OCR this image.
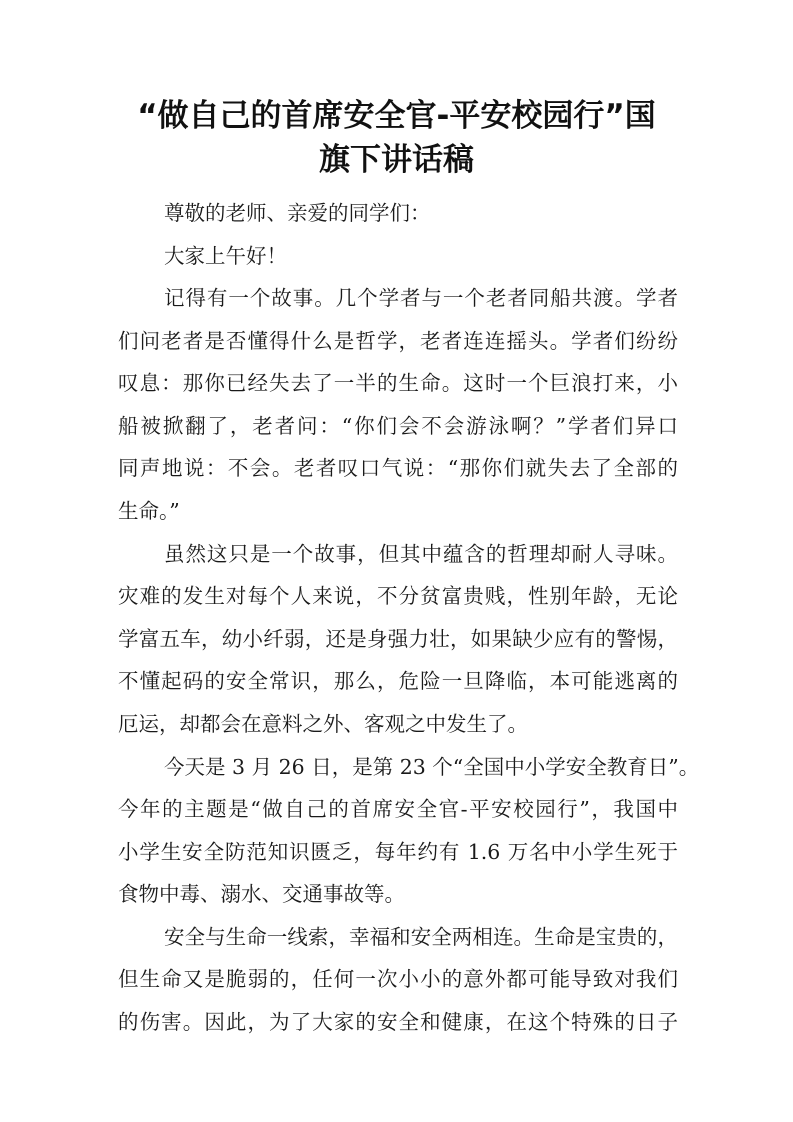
“做自己的首席安全官-平安校园行”国
旗下讲话稿
尊敬的老师、亲爱的同学们：
大家上午好！
记得有一个故事。几个学者与一个老者同船共渡。学者
们问老者是否懂得什么是哲学，老者连连摇头。学者们纷纷
叹息：那你已经失去了一半的生命。这时一个巨浪打来，小
船被掀翻了，老者问：“你们会不会游泳啊？”学者们异口
同声地说：不会。老者叹口气说：“那你们就失去了全部的
生命。”
虽然这只是一个故事，但其中蕴含的哲理却耐人寻味。
灾难的发生对每个人来说，不分贫富贵贱，性别年龄，无论
学富五车，幼小纤弱，还是身强力壮，如果缺少应有的警惕，
不懂起码的安全常识，那么，危险一旦降临，本可能逃离的
厄运，却都会在意料之外、客观之中发生了。
今天是 3 月 26 日，是第 23 个“全国中小学安全教育日”。
今年的主题是“做自己的首席安全官-平安校园行”，我国中
小学生安全防范知识匮乏，每年约有 1.6 万名中小学生死于
食物中毒、溺水、交通事故等。
安全与生命一线索，幸福和安全两相连。生命是宝贵的，
但生命又是脆弱的，任何一次小小的意外都可能导致对我们
的伤害。因此，为了大家的安全和健康，在这个特殊的日子
